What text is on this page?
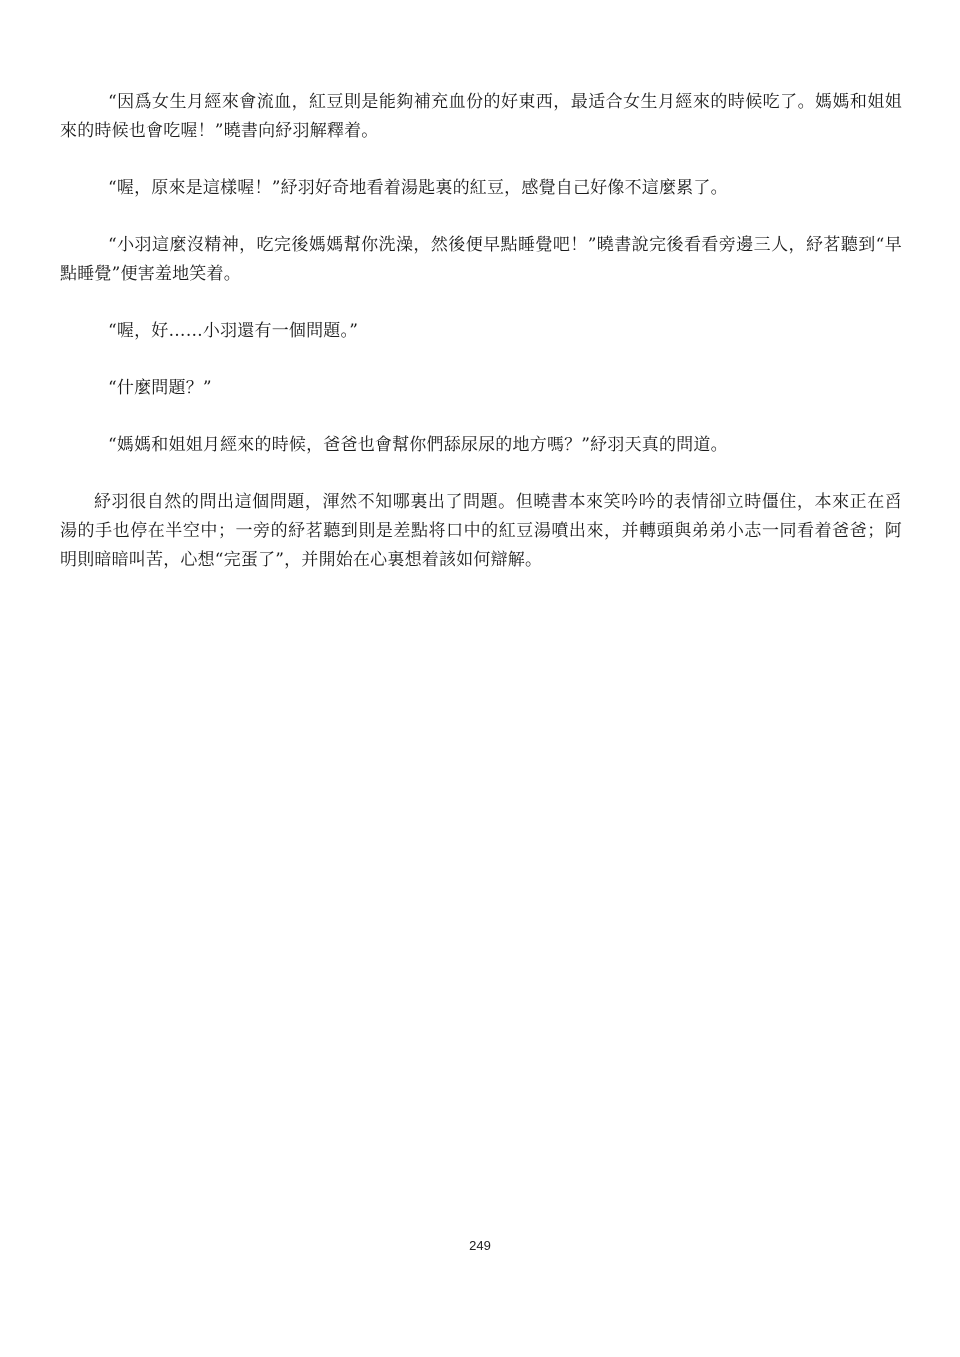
“因爲女生月經來會流血，紅豆則是能夠補充血份的好東西，最适合女生月經來的時候吃了。媽媽和姐姐來的時候也會吃喔！”曉書向紓羽解釋着。

“喔，原來是這樣喔！”紓羽好奇地看着湯匙裏的紅豆，感覺自己好像不這麼累了。

“小羽這麼沒精神，吃完後媽媽幫你洗澡，然後便早點睡覺吧！”曉書說完後看看旁邊三人，紓茗聽到“早點睡覺”便害羞地笑着。

“喔，好……小羽還有一個問題。”

“什麼問題？”

“媽媽和姐姐月經來的時候，爸爸也會幫你們舔尿尿的地方嗎？”紓羽天真的問道。

紓羽很自然的問出這個問題，渾然不知哪裏出了問題。但曉書本來笑吟吟的表情卻立時僵住，本來正在舀湯的手也停在半空中；一旁的紓茗聽到則是差點将口中的紅豆湯噴出來，并轉頭與弟弟小志一同看着爸爸；阿明則暗暗叫苦，心想“完蛋了”，并開始在心裏想着該如何辯解。

249
